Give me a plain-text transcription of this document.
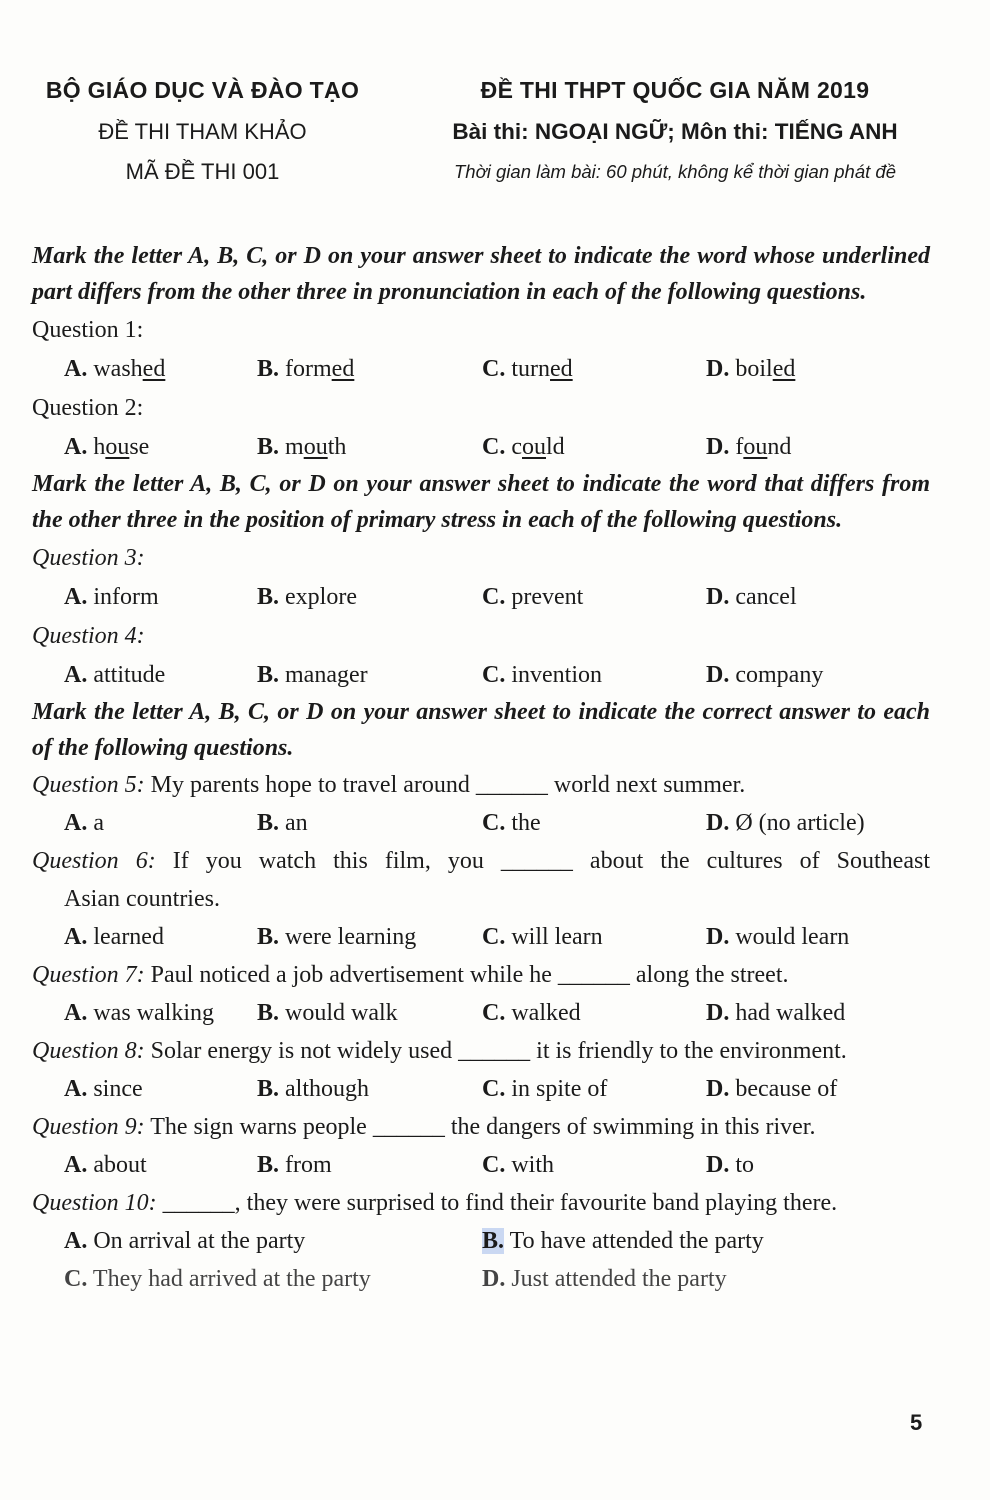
BỘ GIÁO DỤC VÀ ĐÀO TẠO
ĐỀ THI THAM KHẢO
MÃ ĐỀ THI 001
ĐỀ THI THPT QUỐC GIA NĂM 2019
Bài thi: NGOẠI NGỮ; Môn thi: TIẾNG ANH
Thời gian làm bài: 60 phút, không kể thời gian phát đề

Mark the letter A, B, C, or D on your answer sheet to indicate the word whose underlined part differs from the other three in pronunciation in each of the following questions.

Question 1:
A. washed	B. formed	C. turned	D. boiled
Question 2:
A. house	B. mouth	C. could	D. found

Mark the letter A, B, C, or D on your answer sheet to indicate the word that differs from the other three in the position of primary stress in each of the following questions.

Question 3:
A. inform	B. explore	C. prevent	D. cancel
Question 4:
A. attitude	B. manager	C. invention	D. company

Mark the letter A, B, C, or D on your answer sheet to indicate the correct answer to each of the following questions.

Question 5: My parents hope to travel around ______ world next summer.

A. a	B. an	C. the	D. Ø (no article)

Question 6: If you watch this film, you ______ about the cultures of Southeast

Asian countries.

A. learned	B. were learning	C. will learn	D. would learn

Question 7: Paul noticed a job advertisement while he ______ along the street.

A. was walking B. would walk	C. walked	D. had walked

Question 8: Solar energy is not widely used ______ it is friendly to the environment.

A. since	B. although	C. in spite of	D. because of

Question 9: The sign warns people ______ the dangers of swimming in this river.

A. about	B. from	C. with	D. to

Question 10: ______, they were surprised to find their favourite band playing there.

A. On arrival at the party	B. To have attended the party
C. They had arrived at the party	D. Just attended the party
5
